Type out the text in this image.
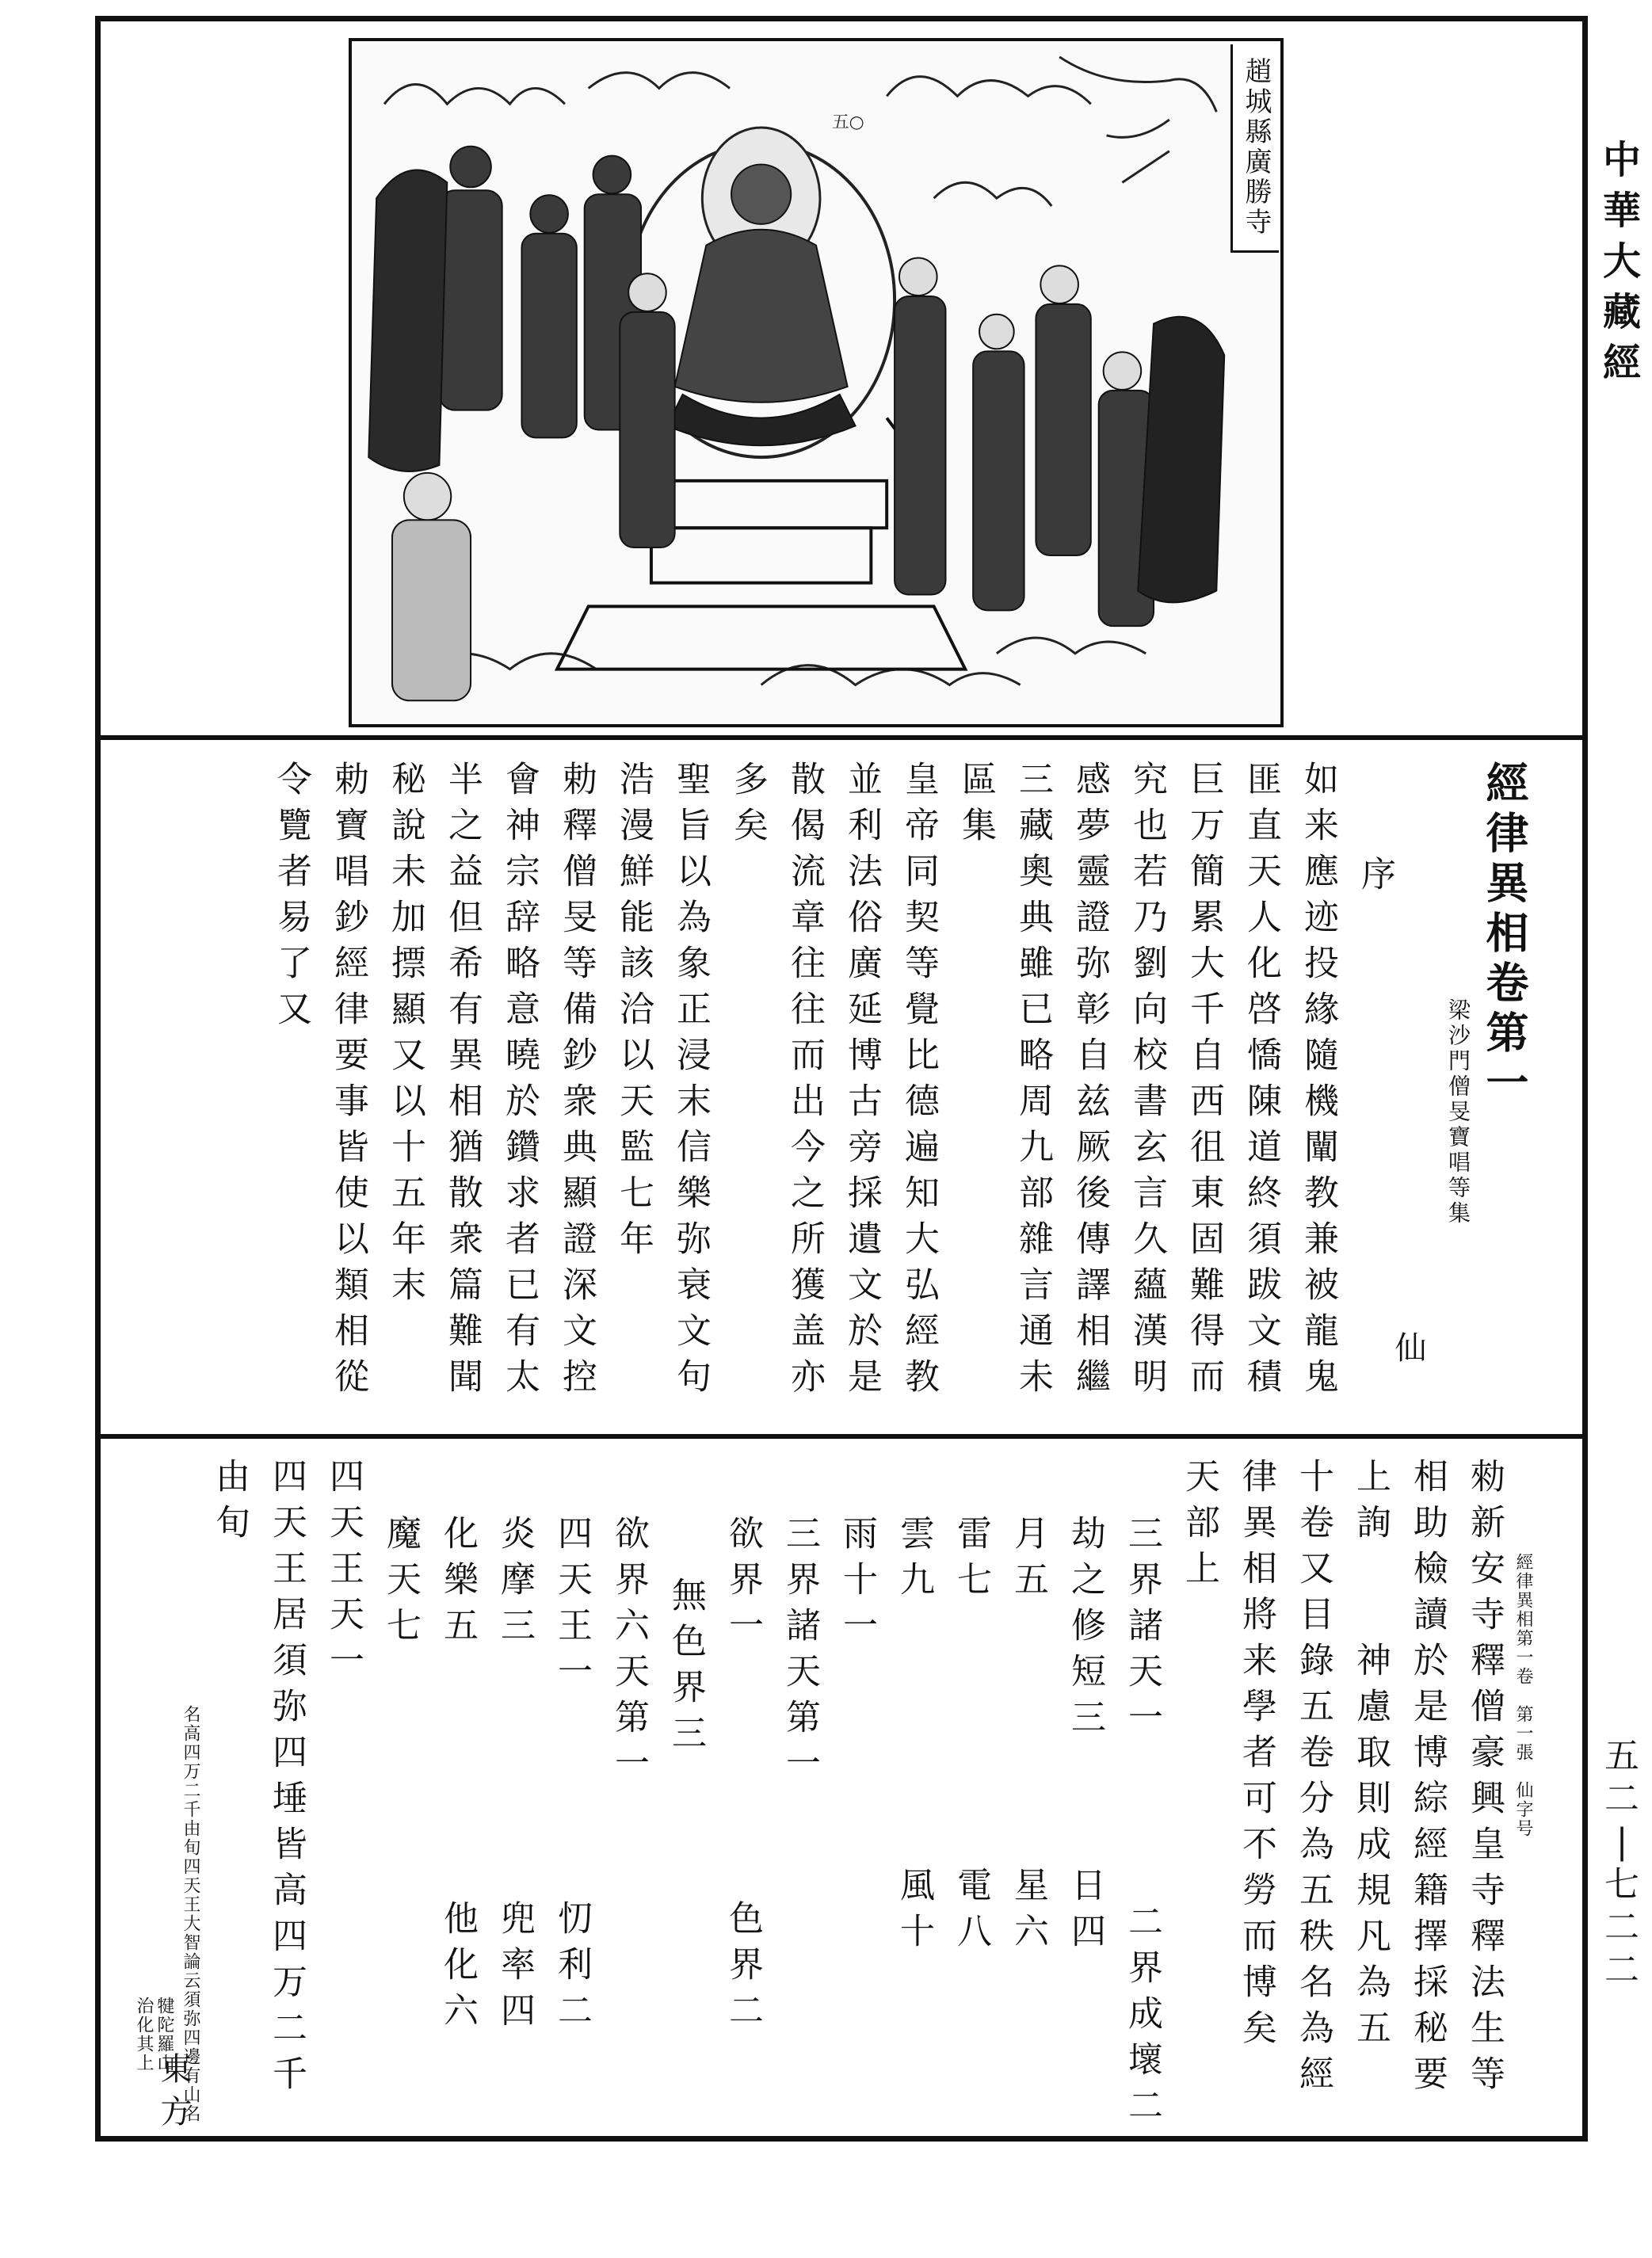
中
華
大
藏
經
五
二
|
七
二
二
五○	趙城縣廣勝寺
經律異相卷第一
梁沙門僧旻寶唱等集
仙
序
如来應迹投緣隨機闡教兼被龍鬼
匪直天人化啓憍陳道終須跋文積
巨万簡累大千自西徂東固難得而
究也若乃劉向校書玄言久蘊漢明
感夢靈證弥彰自兹厥後傳譯相繼
三藏奧典雖已略周九部雜言通未
區集
皇帝同契等覺比德遍知大弘經教
並利法俗廣延博古旁採遺文於是
散偈流章往往而出今之所獲盖亦
多矣
聖旨以為象正浸末信樂弥衰文句
浩漫鮮能該洽以天監七年
勅釋僧旻等備鈔衆典顯證深文控
會神宗辞略意曉於鑽求者已有太
半之益但希有異相猶散衆篇難聞
秘說未加摽顯又以十五年末
勅寶唱鈔經律要事皆使以類相從
令覽者易了又
經律異相第一卷　第一張　仙字号
勑新安寺釋僧豪興皇寺釋法生等
相助檢讀於是博綜經籍擇採秘要
上詢　　神慮取則成規凡為五
十卷又目錄五卷分為五秩名為經
律異相將来學者可不勞而博矣
天部上
三界諸天一
二界成壞二
劫之修短三
日四
月五
星六
雷七
電八
雲九
風十
雨十一
三界諸天第一
欲界一
色界二
無色界三
欲界六天第一
四天王一
忉利二
炎摩三
兜率四
化樂五
他化六
魔天七
四天王天一
四天王居須弥四埵皆高四万二千
由旬
大智論云須弥四邊有山名
名高四万二千由旬四天王
犍陀羅山
治化其上
東方
